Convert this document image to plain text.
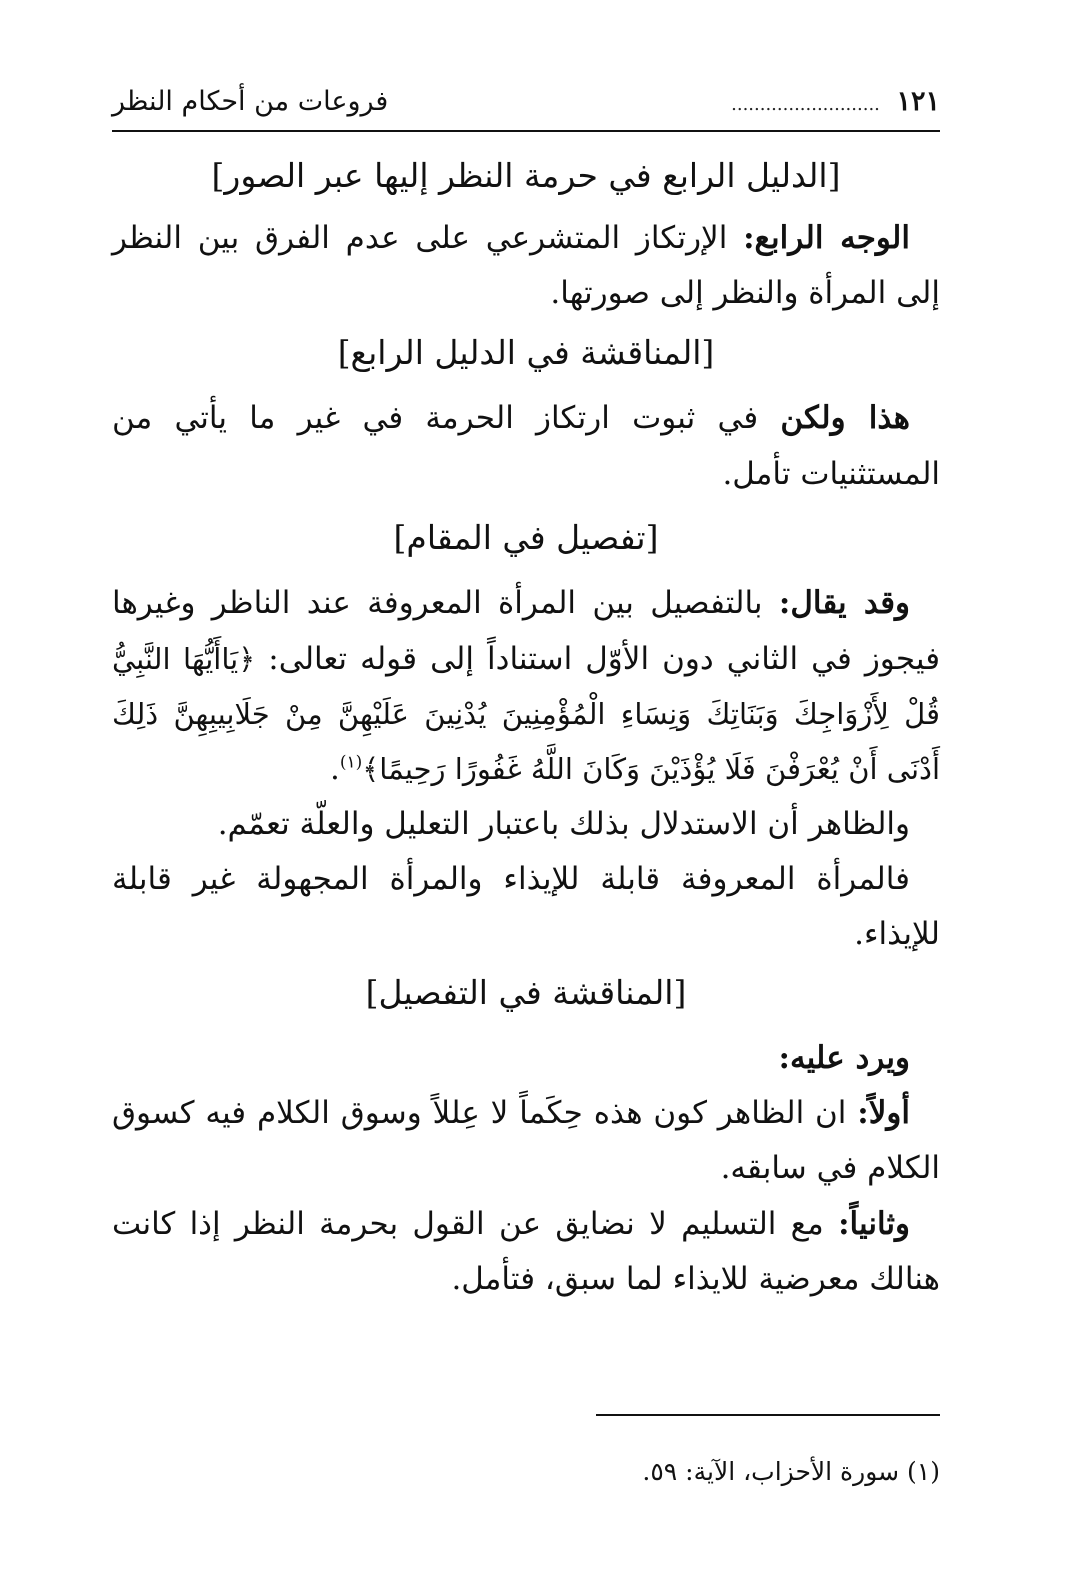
١٢١ ..........................
فروعات من أحكام النظر

[الدليل الرابع في حرمة النظر إليها عبر الصور]

الوجه الرابع: الإرتكاز المتشرعي على عدم الفرق بين النظر إلى المرأة والنظر إلى صورتها.

[المناقشة في الدليل الرابع]

هذا ولكن في ثبوت ارتكاز الحرمة في غير ما يأتي من المستثنيات تأمل.

[تفصيل في المقام]

وقد يقال: بالتفصيل بين المرأة المعروفة عند الناظر وغيرها فيجوز في الثاني دون الأوّل استناداً إلى قوله تعالى: ﴿يَاأَيُّهَا النَّبِيُّ قُلْ لِأَزْوَاجِكَ وَبَنَاتِكَ وَنِسَاءِ الْمُؤْمِنِينَ يُدْنِينَ عَلَيْهِنَّ مِنْ جَلَابِيبِهِنَّ ذَلِكَ أَدْنَى أَنْ يُعْرَفْنَ فَلَا يُؤْذَيْنَ وَكَانَ اللَّهُ غَفُورًا رَحِيمًا﴾$^{(١)}$.

والظاهر أن الاستدلال بذلك باعتبار التعليل والعلّة تعمّم.

فالمرأة المعروفة قابلة للإيذاء والمرأة المجهولة غير قابلة للإيذاء.

[المناقشة في التفصيل]

ويرد عليه:

أولاً: ان الظاهر كون هذه حِكَماً لا عِللاً وسوق الكلام فيه كسوق الكلام في سابقه.

وثانياً: مع التسليم لا نضايق عن القول بحرمة النظر إذا كانت هنالك معرضية للايذاء لما سبق، فتأمل.

(١) سورة الأحزاب، الآية: ٥٩.
